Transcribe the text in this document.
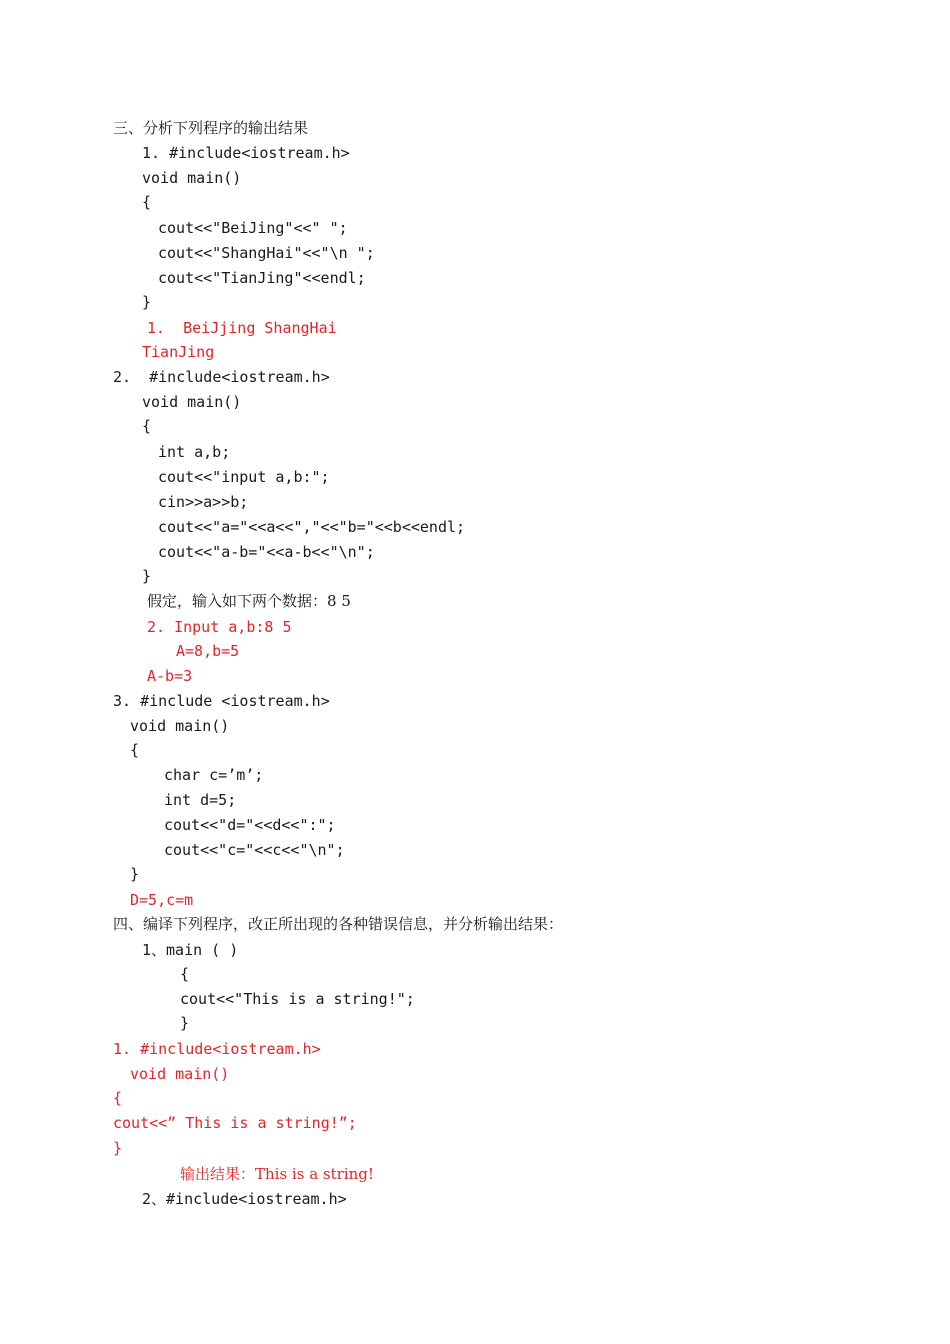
三、分析下列程序的输出结果
1. #include<iostream.h>
void main()
{
cout<<"BeiJing"<<" ";
cout<<"ShangHai"<<"\n ";
cout<<"TianJing"<<endl;
}
1.  BeiJjing ShangHai
TianJing
2.  #include<iostream.h>
void main()
{
int a,b;
cout<<"input a,b:";
cin>>a>>b;
cout<<"a="<<a<<","<<"b="<<b<<endl;
cout<<"a-b="<<a-b<<"\n";
}
假定，输入如下两个数据：8 5
2. Input a,b:8 5
A=8,b=5
A-b=3
3. #include <iostream.h>
void main()
{
char c=’m’;
int d=5;
cout<<"d="<<d<<":";
cout<<"c="<<c<<"\n";
}
D=5,c=m
四、编译下列程序，改正所出现的各种错误信息，并分析输出结果：
1、main ( )
{
cout<<"This is a string!";
}
1. #include<iostream.h>
void main()
{
cout<<” This is a string!”;
}
输出结果：This is a string!
2、#include<iostream.h>
